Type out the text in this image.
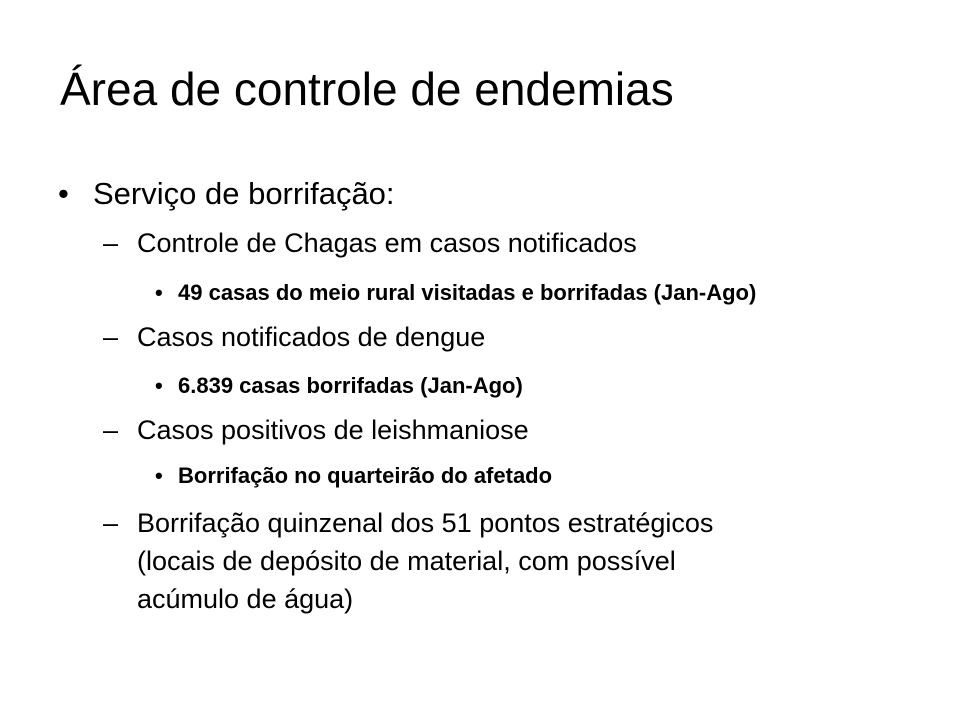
Área de controle de endemias
• Serviço de borrifação:
– Controle de Chagas em casos notificados
• 49 casas do meio rural visitadas e borrifadas (Jan-Ago)
– Casos notificados de dengue
• 6.839 casas borrifadas (Jan-Ago)
– Casos positivos de leishmaniose
• Borrifação no quarteirão do afetado
– Borrifação quinzenal dos 51 pontos estratégicos
(locais de depósito de material, com possível
acúmulo de água)
